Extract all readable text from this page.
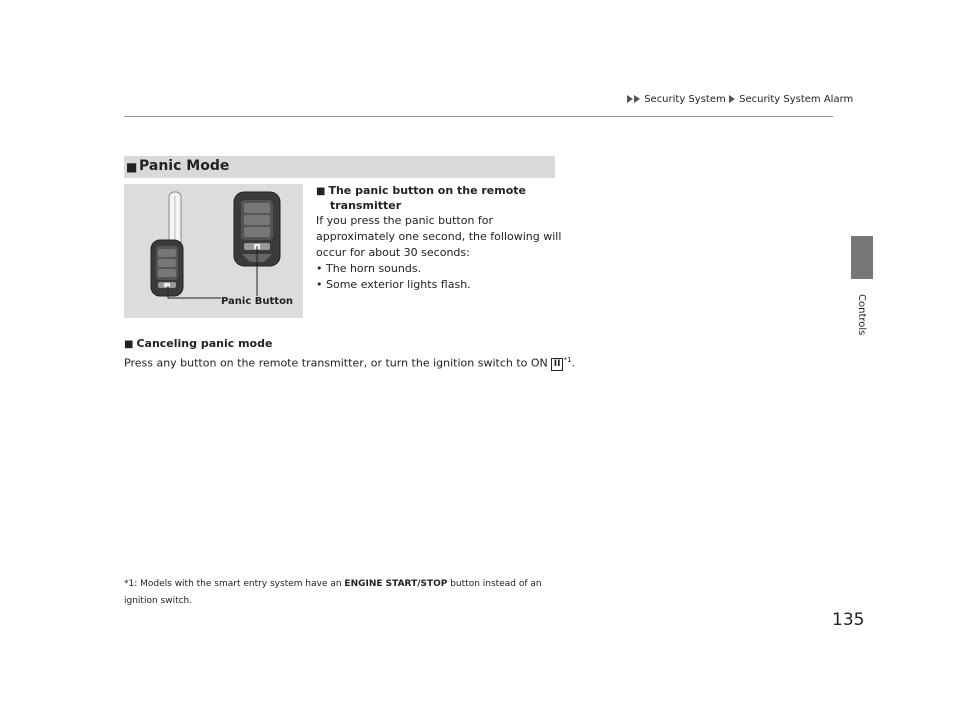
Security System Security System Alarm
Controls
■ Panic Mode
Panic Button
■ The panic button on the remote
transmitter
If you press the panic button for
approximately one second, the following will
occur for about 30 seconds:
• The horn sounds.
• Some exterior lights flash.
■ Canceling panic mode
Press any button on the remote transmitter, or turn the ignition switch to ON II $^{*1}$.
*1: Models with the smart entry system have an ENGINE START/STOP button instead of an
ignition switch.
135
